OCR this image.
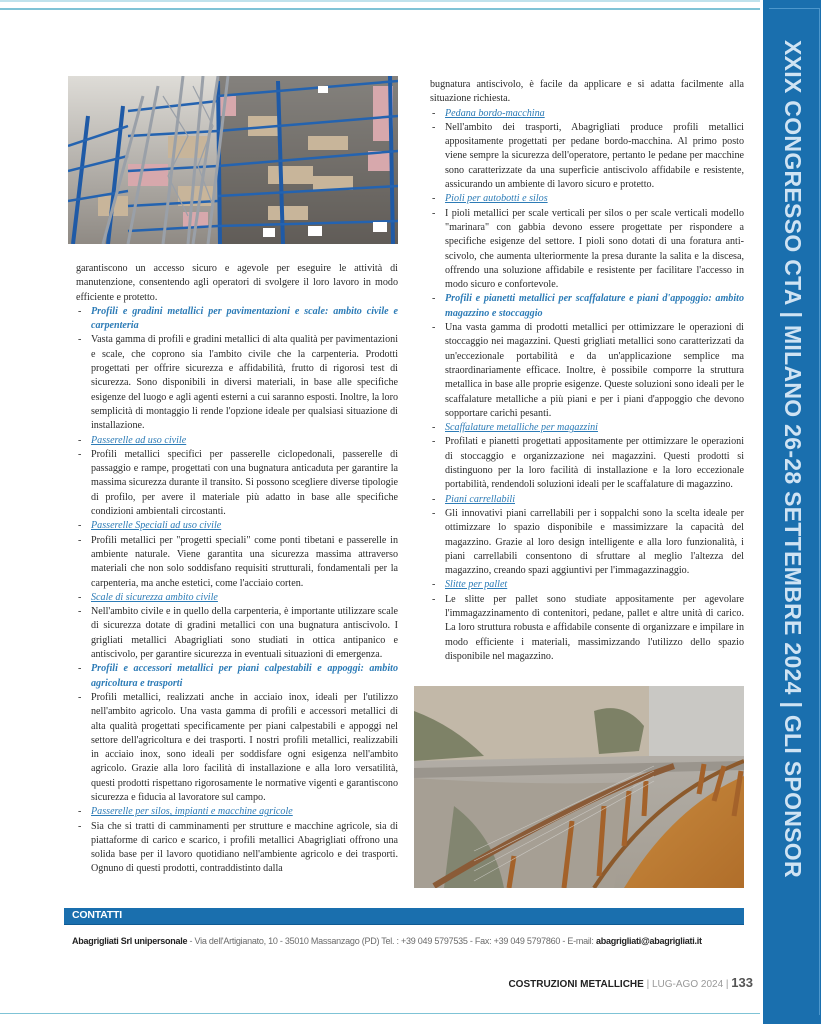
XXIX CONGRESSO CTA | MILANO 26-28 SETTEMBRE 2024 | GLI SPONSOR

garantiscono un accesso sicuro e agevole per eseguire le attività di manutenzione, consentendo agli operatori di svolgere il loro lavoro in modo efficiente e protetto.

- Profili e gradini metallici per pavimentazioni e scale: ambito civile e carpenteria
- Vasta gamma di profili e gradini metallici di alta qualità per pavimentazioni e scale, che coprono sia l'ambito civile che la carpenteria. Prodotti progettati per offrire sicurezza e affidabilità, frutto di rigorosi test di sicurezza. Sono disponibili in diversi materiali, in base alle specifiche esigenze del luogo e agli agenti esterni a cui saranno esposti. Inoltre, la loro semplicità di montaggio li rende l'opzione ideale per qualsiasi situazione di installazione.
- Passerelle ad uso civile
- Profili metallici specifici per passerelle ciclopedonali, passerelle di passaggio e rampe, progettati con una bugnatura anticaduta per garantire la massima sicurezza durante il transito. Si possono scegliere diverse tipologie di profilo, per avere il materiale più adatto in base alle specifiche condizioni ambientali circostanti.
- Passerelle Speciali ad uso civile
- Profili metallici per "progetti speciali" come ponti tibetani e passerelle in ambiente naturale. Viene garantita una sicurezza massima attraverso materiali che non solo soddisfano requisiti strutturali, fondamentali per la carpenteria, ma anche estetici, come l'acciaio corten.
- Scale di sicurezza ambito civile
- Nell'ambito civile e in quello della carpenteria, è importante utilizzare scale di sicurezza dotate di gradini metallici con una bugnatura antiscivolo. I grigliati metallici Abagrigliati sono studiati in ottica antipanico e antiscivolo, per garantire sicurezza in eventuali situazioni di emergenza.
- Profili e accessori metallici per piani calpestabili e appoggi: ambito agricoltura e trasporti
- Profili metallici, realizzati anche in acciaio inox, ideali per l'utilizzo nell'ambito agricolo. Una vasta gamma di profili e accessori metallici di alta qualità progettati specificamente per piani calpestabili e appoggi nel settore dell'agricoltura e dei trasporti. I nostri profili metallici, realizzabili in acciaio inox, sono ideali per soddisfare ogni esigenza nell'ambito agricolo. Grazie alla loro facilità di installazione e alla loro versatilità, questi prodotti rispettano rigorosamente le normative vigenti e garantiscono sicurezza e fiducia al lavoratore sul campo.
- Passerelle per silos, impianti e macchine agricole
- Sia che si tratti di camminamenti per strutture e macchine agricole, sia di piattaforme di carico e scarico, i profili metallici Abagrigliati offrono una solida base per il lavoro quotidiano nell'ambiente agricolo e dei trasporti. Ognuno di questi prodotti, contraddistinto dalla

bugnatura antiscivolo, è facile da applicare e si adatta facilmente alla situazione richiesta.

- Pedana bordo-macchina
- Nell'ambito dei trasporti, Abagrigliati produce profili metallici appositamente progettati per pedane bordo-macchina. Al primo posto viene sempre la sicurezza dell'operatore, pertanto le pedane per macchine sono caratterizzate da una superficie antiscivolo affidabile e resistente, assicurando un ambiente di lavoro sicuro e protetto.
- Pioli per autobotti e silos
- I pioli metallici per scale verticali per silos o per scale verticali modello "marinara" con gabbia devono essere progettate per rispondere a specifiche esigenze del settore. I pioli sono dotati di una foratura anti-scivolo, che aumenta ulteriormente la presa durante la salita e la discesa, offrendo una soluzione affidabile e resistente per facilitare l'accesso in modo sicuro e confortevole.
- Profili e pianetti metallici per scaffalature e piani d'appoggio: ambito magazzino e stoccaggio
- Una vasta gamma di prodotti metallici per ottimizzare le operazioni di stoccaggio nei magazzini. Questi grigliati metallici sono caratterizzati da un'eccezionale portabilità e da un'applicazione semplice ma straordinariamente efficace. Inoltre, è possibile comporre la struttura metallica in base alle proprie esigenze. Queste soluzioni sono ideali per le scaffalature metalliche a più piani e per i piani d'appoggio che devono sopportare carichi pesanti.
- Scaffalature metalliche per magazzini
- Profilati e pianetti progettati appositamente per ottimizzare le operazioni di stoccaggio e organizzazione nei magazzini. Questi prodotti si distinguono per la loro facilità di installazione e la loro eccezionale portabilità, rendendoli soluzioni ideali per le scaffalature di magazzino.
- Piani carrellabili
- Gli innovativi piani carrellabili per i soppalchi sono la scelta ideale per ottimizzare lo spazio disponibile e massimizzare la capacità del magazzino. Grazie al loro design intelligente e alla loro funzionalità, i piani carrellabili consentono di sfruttare al meglio l'altezza del magazzino, creando spazi aggiuntivi per l'immagazzinaggio.
- Slitte per pallet
- Le slitte per pallet sono studiate appositamente per agevolare l'immagazzinamento di contenitori, pedane, pallet e altre unità di carico. La loro struttura robusta e affidabile consente di organizzare e impilare in modo efficiente i materiali, massimizzando l'utilizzo dello spazio disponibile nel magazzino.
CONTATTI
Abagrigliati Srl unipersonale - Via dell'Artigianato, 10 - 35010 Massanzago (PD) Tel. : +39 049 5797535 - Fax: +39 049 5797860 - E-mail: abagrigliati@abagrigliati.it
COSTRUZIONI METALLICHE | LUG-AGO 2024 | 133
